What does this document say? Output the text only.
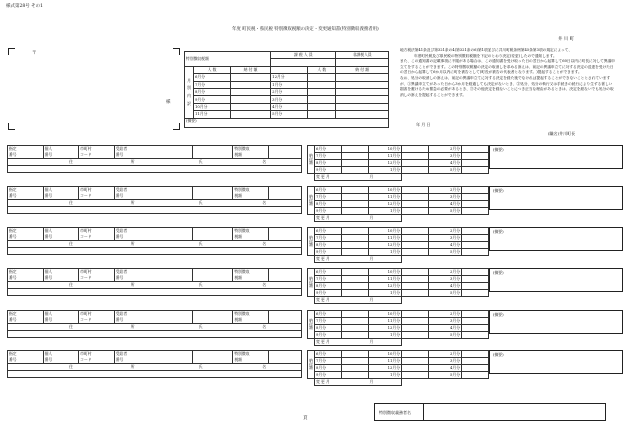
様式第28号 その1
年度 町民税・県民税 特別徴収税額の決定・変更通知書(特別徴収義務者用)
井 川 町
〒
様
特別徴収税額			課 税 人 員		非課税人員

月

別

内

訳	人 数	納 付 額		人 数	納 付 額
	6月分		12月分		
	7月分		1月分		
	8月分		2月分		
	9月分		3月分		
	10月分		4月分		
	11月分		5月分		
(摘要)					
地方税法第41条及び第321条の4(第321条の6)第1項並びに井川町税条例第45条第3項の規定によって、
年度町民税及び県民税の特別徴収税額を下記のとおり決定(変更)したので通知します。
また、この通知書の記載事項に不服がある場合は、この通知書を受け取った日の翌日から起算して60日以内に町長に対して異議申立てをすることができます。この特別徴収税額の決定の取消しを求める訴えは、前記の異議申立てに対する決定の送達を受けた日の翌日から起算して6か月以内に町を被告として(町長が被告の代表者となります。)提起することができます。
なお、処分の取消しの訴えは、前記の異議申立てに対する決定を経た後でなければ提起することができないこととされていますが、①異議申立てがあった日から3か月を経過しても決定がないとき、②処分、処分の執行又は手続きの続行により生ずる著しい損害を避けるため緊急の必要があるとき、③その他決定を経ないことにつき正当な理由があるときは、決定を経ないでも処分の取消しの訴えを提起することができます。
年 月 日
(職名)井川町長
指定	個人	市町村	受給者		特別徴収	
番号	番号	コード	番号		税額	
住 所 氏 名						

納
付
額	6月分		10月分		2月分	
	7月分		11月分		3月分	
	8月分		12月分		4月分	
	9月分		1月分		5月分	
	変 更 月		月			
(摘要)
指定	個人	市町村	受給者		特別徴収	
番号	番号	コード	番号		税額	
住 所 氏 名						

納
付
額	6月分		10月分		2月分	
	7月分		11月分		3月分	
	8月分		12月分		4月分	
	9月分		1月分		5月分	
	変 更 月		月			
(摘要)
指定	個人	市町村	受給者		特別徴収	
番号	番号	コード	番号		税額	
住 所 氏 名						

納
付
額	6月分		10月分		2月分	
	7月分		11月分		3月分	
	8月分		12月分		4月分	
	9月分		1月分		5月分	
	変 更 月		月			
(摘要)
指定	個人	市町村	受給者		特別徴収	
番号	番号	コード	番号		税額	
住 所 氏 名						

納
付
額	6月分		10月分		2月分	
	7月分		11月分		3月分	
	8月分		12月分		4月分	
	9月分		1月分		5月分	
	変 更 月		月			
(摘要)
指定	個人	市町村	受給者		特別徴収	
番号	番号	コード	番号		税額	
住 所 氏 名						

納
付
額	6月分		10月分		2月分	
	7月分		11月分		3月分	
	8月分		12月分		4月分	
	9月分		1月分		5月分	
	変 更 月		月			
(摘要)
指定	個人	市町村	受給者		特別徴収	
番号	番号	コード	番号		税額	
住 所 氏 名						

納
付
額	6月分		10月分		2月分	
	7月分		11月分		3月分	
	8月分		12月分		4月分	
	9月分		1月分		5月分	
	変 更 月		月			
(摘要)
頁
特別徴収義務者名
